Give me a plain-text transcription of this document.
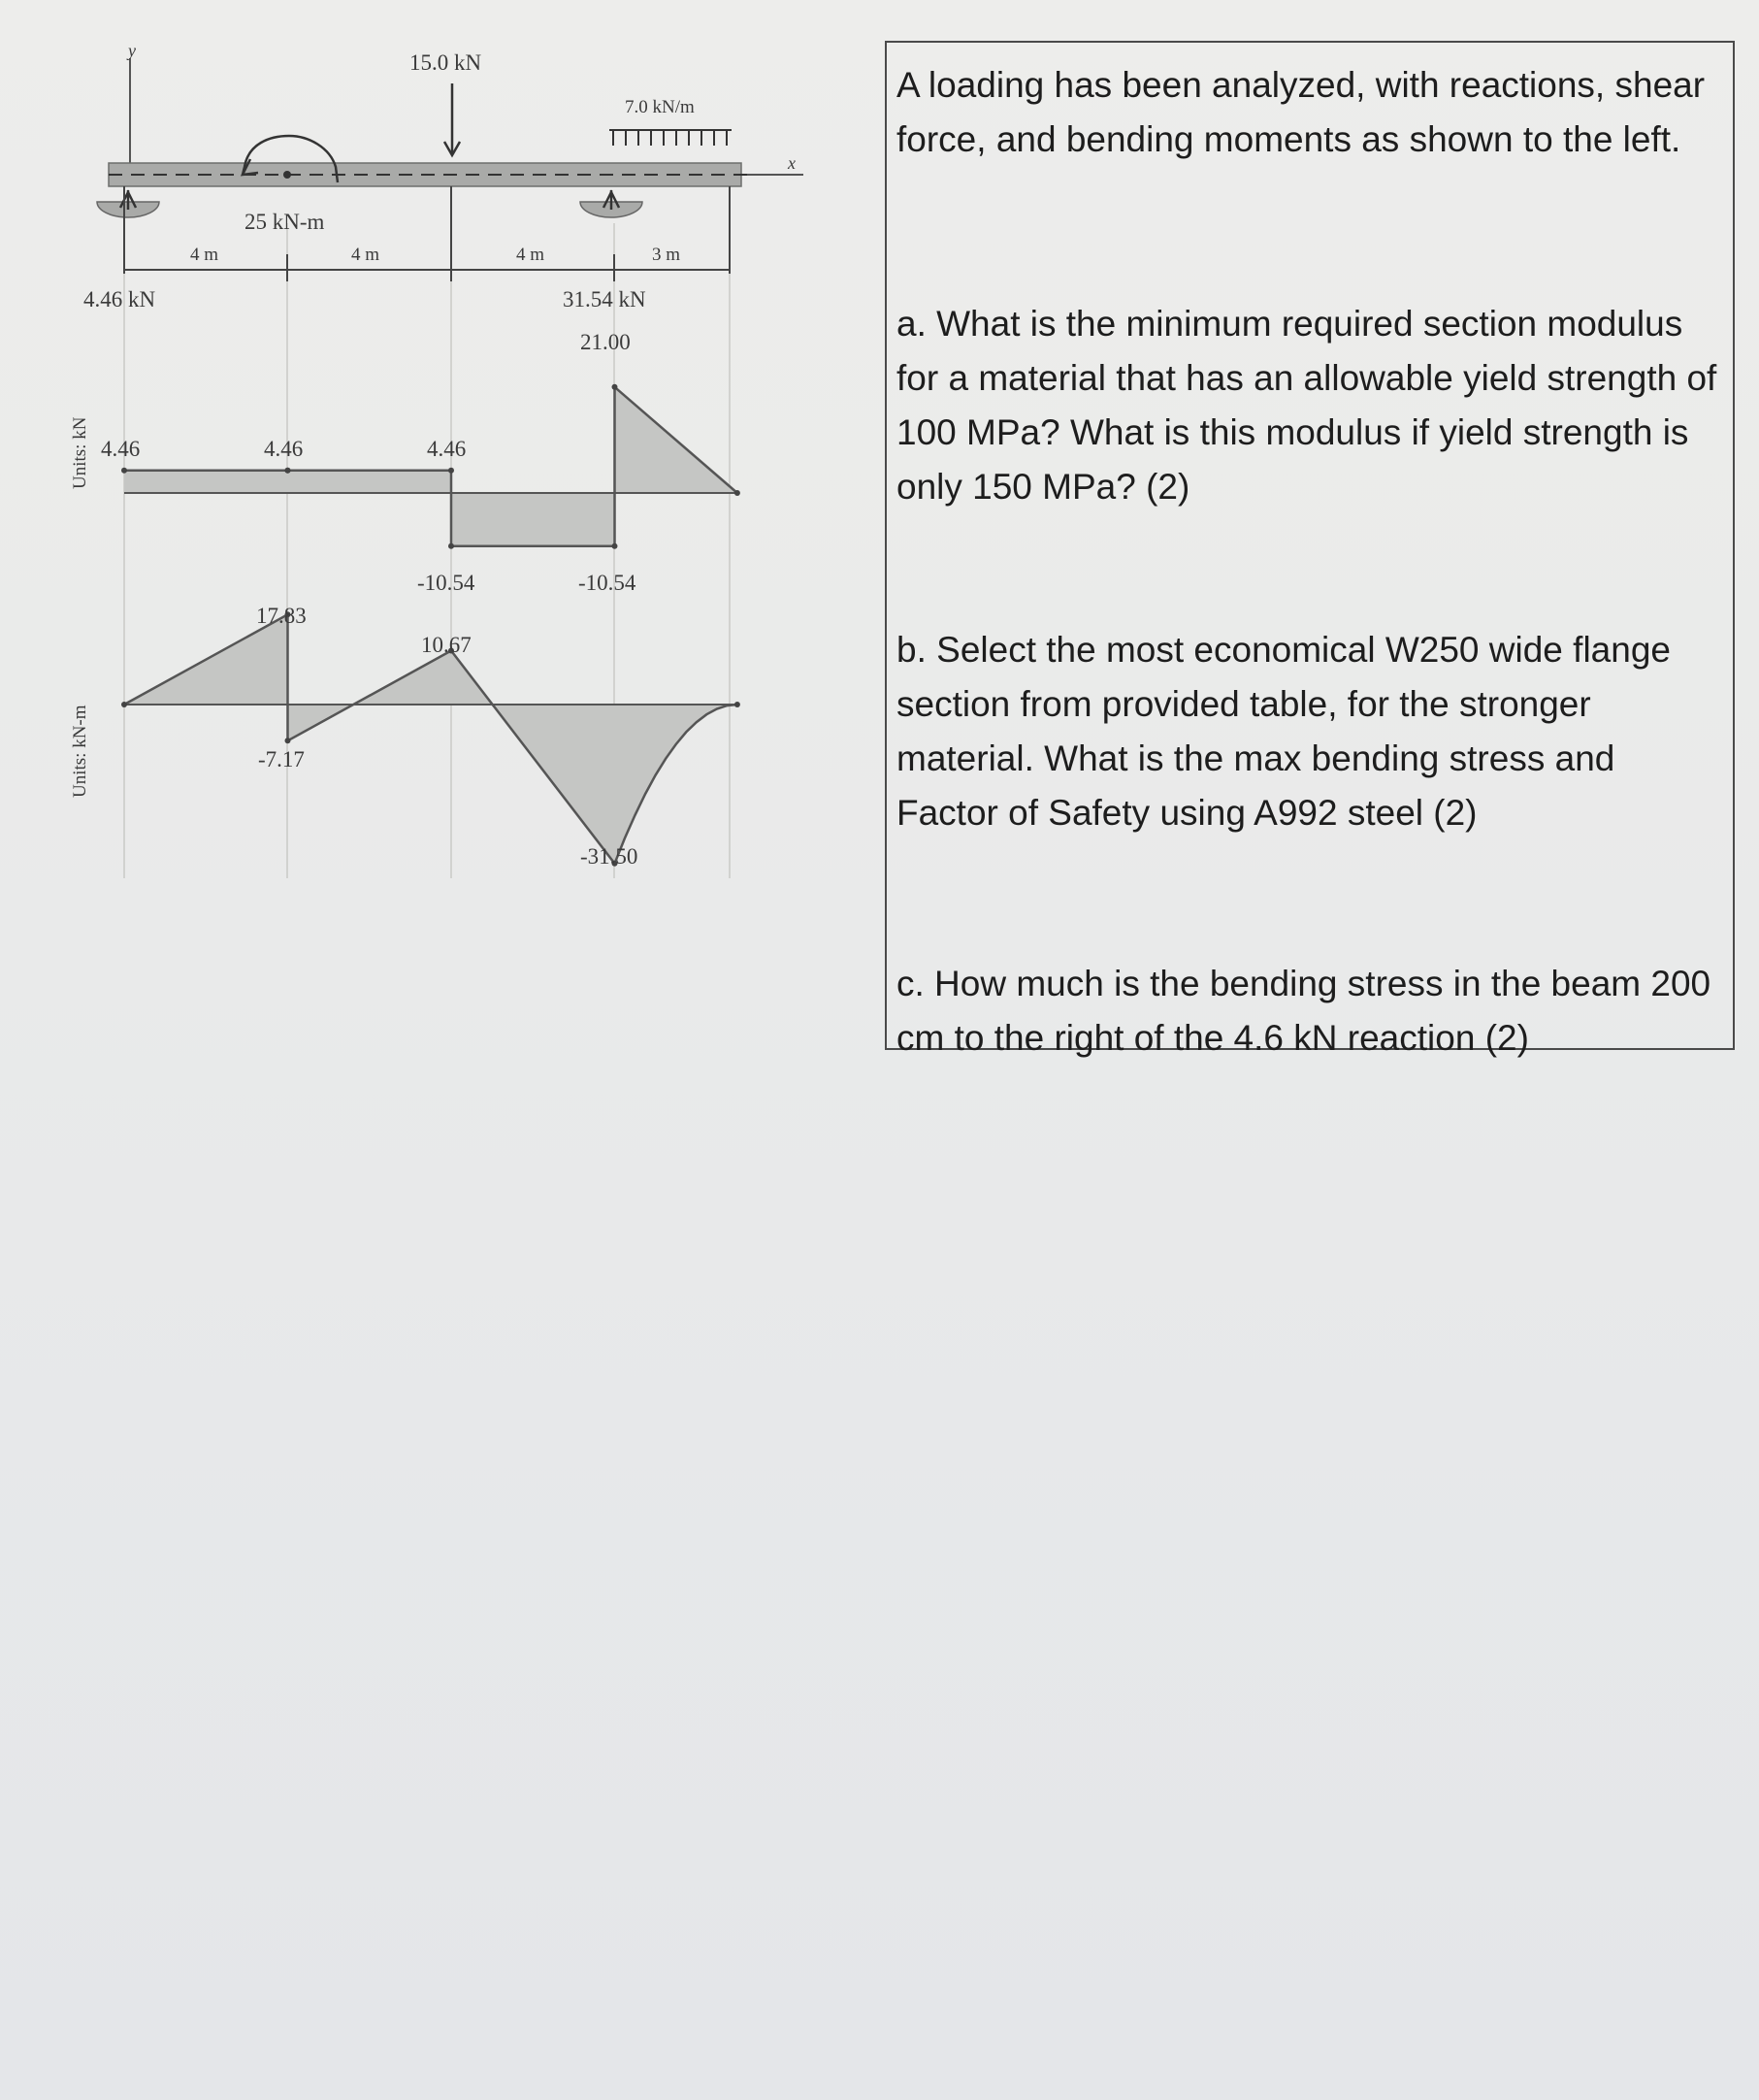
y
x
25 kN-m
15.0 kN
7.0 kN/m
4 m	4 m	4 m	3 m
4.46 kN	31.54 kN
Units: kN
Units: kN-m
4.46	4.46	4.46
-10.54	-10.54
21.00
17.83
-7.17
10.67
-31.50

A loading has been analyzed, with reactions, shear force, and bending moments as shown to the left.

a. What is the minimum required section modulus for a material that has an allowable yield strength of 100 MPa? What is this modulus if yield strength is only 150 MPa? (2)

b. Select the most economical W250 wide flange section from provided table, for the stronger material. What is the max bending stress and Factor of Safety using A992 steel (2)

c. How much is the bending stress in the beam 200 cm to the right of the 4.6 kN reaction (2)
